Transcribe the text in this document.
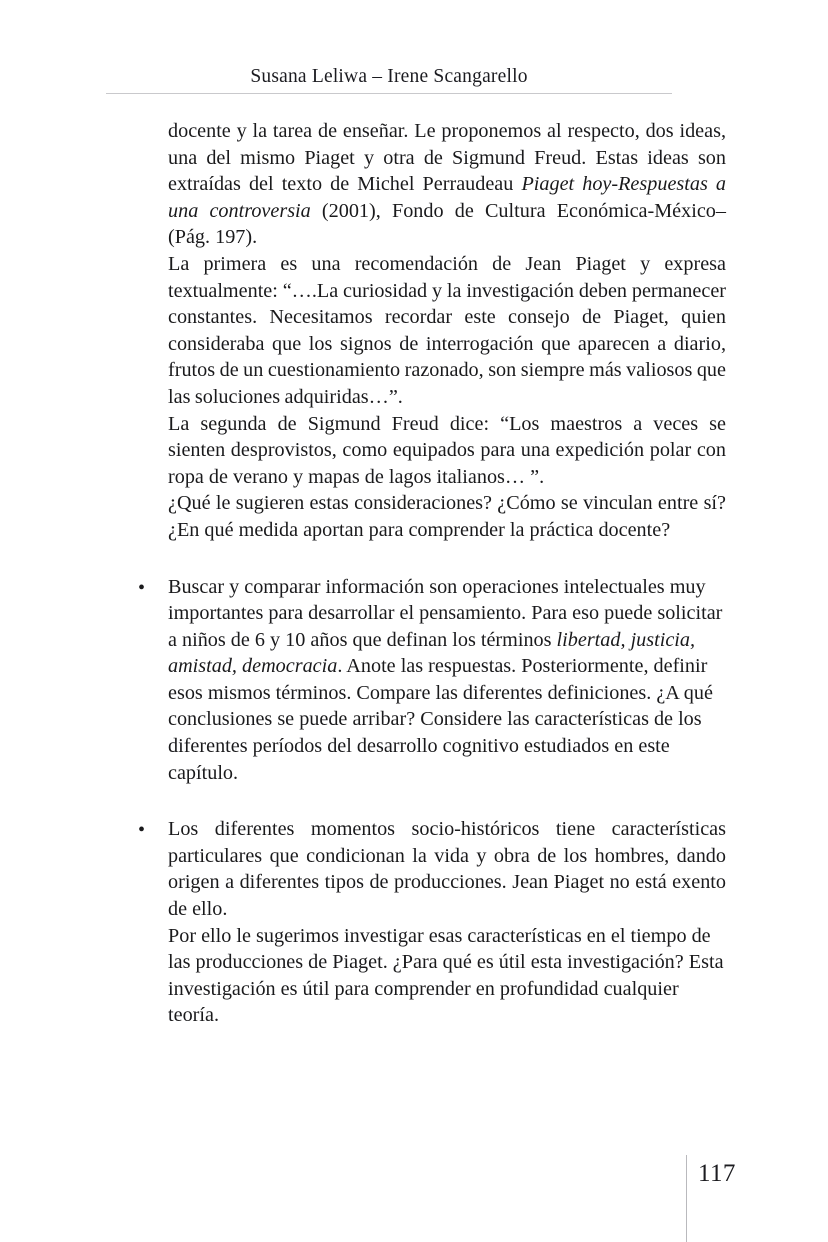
Susana Leliwa – Irene Scangarello

docente y la tarea de enseñar. Le proponemos al respecto, dos ideas, una del mismo Piaget y otra de Sigmund Freud. Estas ideas son extraídas del texto de Michel Perraudeau Piaget hoy-Respuestas a una controversia (2001), Fondo de Cultura Económica-México–(Pág. 197).

La primera es una recomendación de Jean Piaget y expresa textualmente: “….La curiosidad y la investigación deben permanecer constantes. Necesitamos recordar este consejo de Piaget, quien consideraba que los signos de interrogación que aparecen a diario, frutos de un cuestionamiento razonado, son siempre más valiosos que las soluciones adquiridas…”.

La segunda de Sigmund Freud dice: “Los maestros a veces se sienten desprovistos, como equipados para una expedición polar con ropa de verano y mapas de lagos italianos… ”.

¿Qué le sugieren estas consideraciones? ¿Cómo se vinculan entre sí? ¿En qué medida aportan para comprender la práctica docente?

• Buscar y comparar información son operaciones intelectuales muy importantes para desarrollar el pensamiento. Para eso puede solicitar a niños de 6 y 10 años que definan los términos libertad, justicia, amistad, democracia. Anote las respuestas. Posteriormente, definir esos mismos términos. Compare las diferentes definiciones. ¿A qué conclusiones se puede arribar? Considere las características de los diferentes períodos del desarrollo cognitivo estudiados en este capítulo.

• Los diferentes momentos socio-históricos tiene características particulares que condicionan la vida y obra de los hombres, dando origen a diferentes tipos de producciones. Jean Piaget no está exento de ello.

Por ello le sugerimos investigar esas características en el tiempo de las producciones de Piaget. ¿Para qué es útil esta investigación? Esta investigación es útil para comprender en profundidad cualquier teoría.

117
